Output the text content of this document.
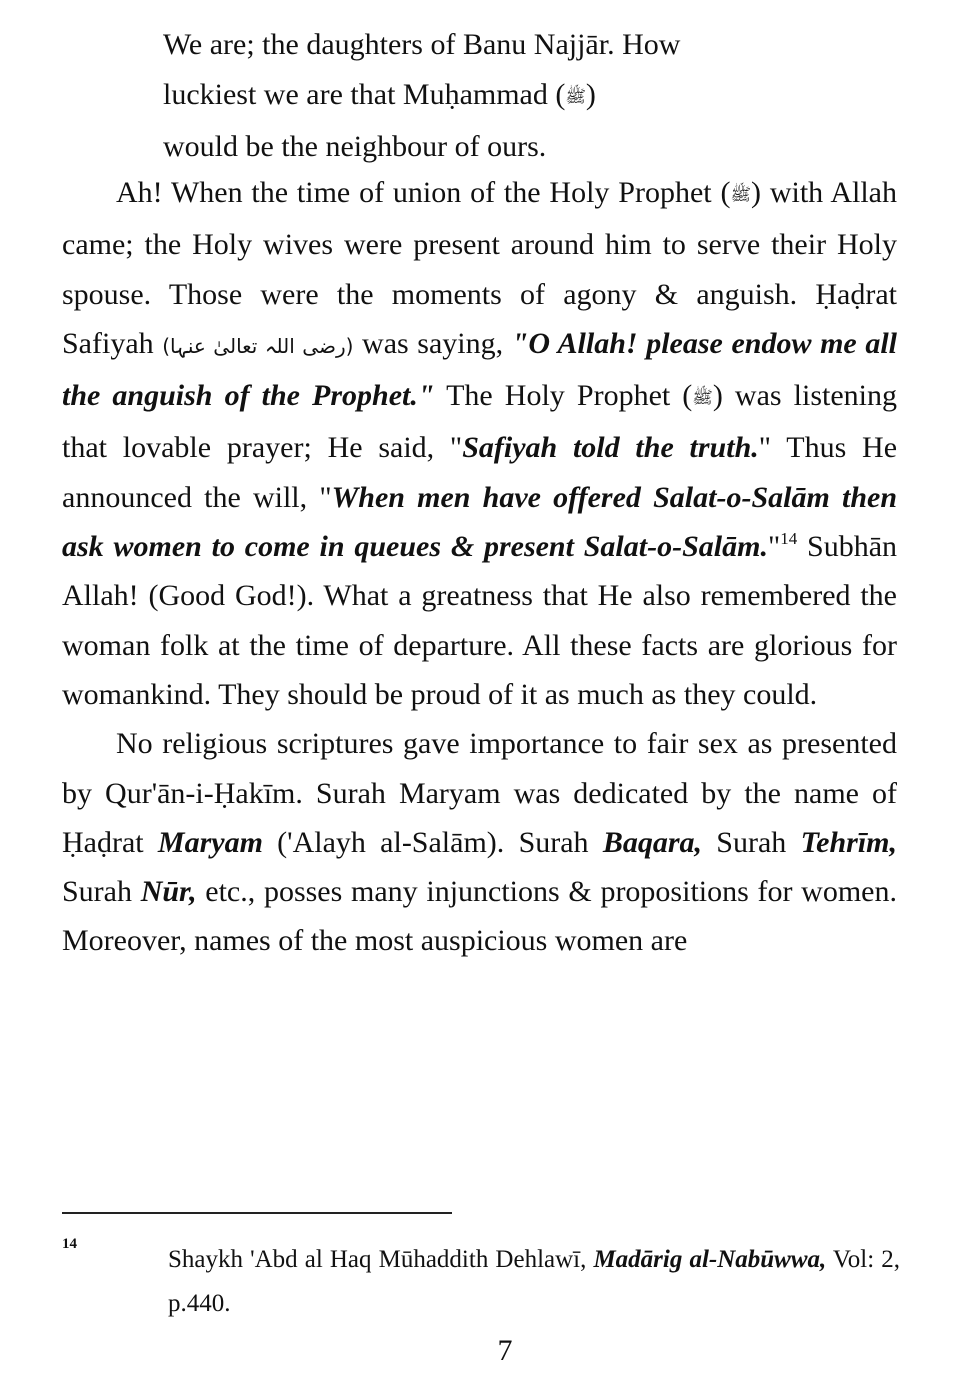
We are; the daughters of Banu Najjār. How
luckiest we are that Muḥammad (ﷺ)
would be the neighbour of ours.

Ah! When the time of union of the Holy Prophet (ﷺ) with Allah came; the Holy wives were present around him to serve their Holy spouse. Those were the moments of agony & anguish. Ḥaḍrat Safiyah (رضی اللہ تعالیٰ عنہا) was saying, "O Allah! please endow me all the anguish of the Prophet." The Holy Prophet (ﷺ) was listening that lovable prayer; He said, "Safiyah told the truth." Thus He announced the will, "When men have offered Salat-o-Salām then ask women to come in queues & present Salat-o-Salām."$^{14}$ Subhān Allah! (Good God!). What a greatness that He also remembered the woman folk at the time of departure. All these facts are glorious for womankind. They should be proud of it as much as they could.

No religious scriptures gave importance to fair sex as presented by Qur'ān-i-Ḥakīm. Surah Maryam was dedicated by the name of Ḥaḍrat Maryam ('Alayh al-Salām). Surah Baqara, Surah Tehrīm, Surah Nūr, etc., posses many injunctions & propositions for women. Moreover, names of the most auspicious women are

14
Shaykh 'Abd al Haq Mūhaddith Dehlawī, Madārig al-Nabūwwa, Vol: 2, p.440.
7
